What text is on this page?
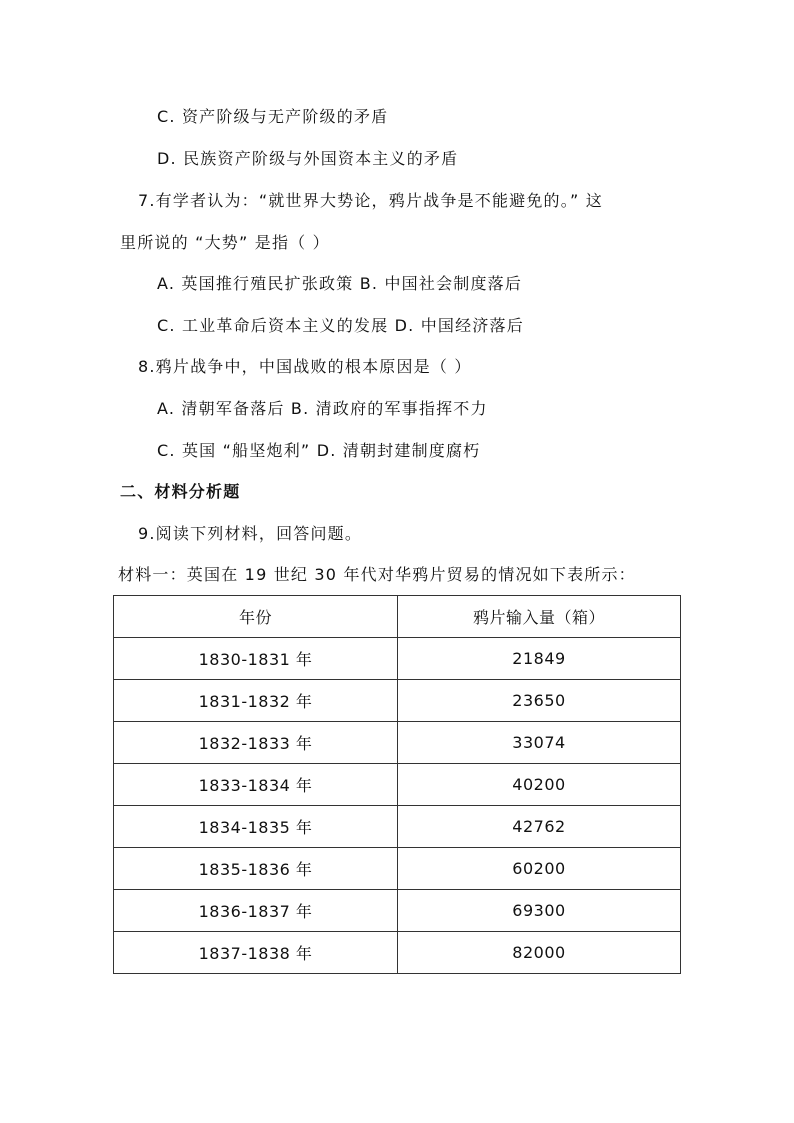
C. 资产阶级与无产阶级的矛盾
D. 民族资产阶级与外国资本主义的矛盾
7.有学者认为：“就世界大势论，鸦片战争是不能避免的。” 这
里所说的 “大势” 是指（ ）
A. 英国推行殖民扩张政策 B. 中国社会制度落后
C. 工业革命后资本主义的发展 D. 中国经济落后
8.鸦片战争中，中国战败的根本原因是（ ）
A. 清朝军备落后 B. 清政府的军事指挥不力
C. 英国 “船坚炮利” D. 清朝封建制度腐朽
二、材料分析题
9.阅读下列材料，回答问题。
材料一：英国在 19 世纪 30 年代对华鸦片贸易的情况如下表所示：
年份	鸦片输入量（箱）
1830-1831 年	21849
1831-1832 年	23650
1832-1833 年	33074
1833-1834 年	40200
1834-1835 年	42762
1835-1836 年	60200
1836-1837 年	69300
1837-1838 年	82000
